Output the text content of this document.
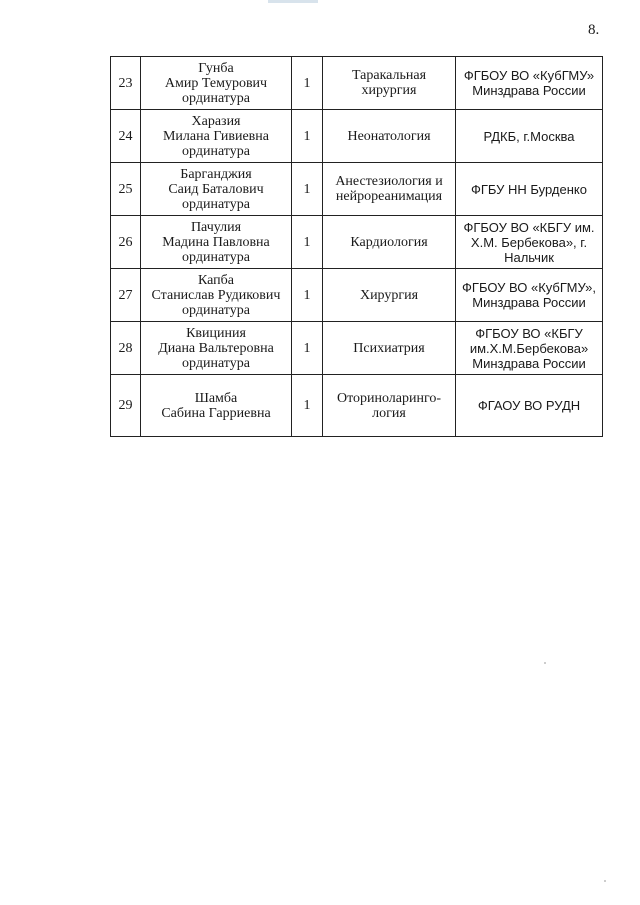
8.
23	Гунба
Амир Темурович
ординатура	1	Таракальная хирургия	ФГБОУ ВО «КубГМУ» Минздрава России
24	Харазия
Милана Гивиевна
ординатура	1	Неонатология	РДКБ, г.Москва
25	Барганджия
Саид Баталович
ординатура	1	Анестезиология и нейрореанимация	ФГБУ НН Бурденко
26	Пачулия
Мадина Павловна
ординатура	1	Кардиология	ФГБОУ ВО «КБГУ им. Х.М. Бербекова», г. Нальчик
27	Капба
Станислав Рудикович
ординатура	1	Хирургия	ФГБОУ ВО «КубГМУ», Минздрава России
28	Квициния
Диана Вальтеровна
ординатура	1	Психиатрия	ФГБОУ ВО «КБГУ им.Х.М.Бербекова» Минздрава России
29	Шамба
Сабина Гарриевна	1	Оториноларинго-логия	ФГАОУ ВО РУДН
